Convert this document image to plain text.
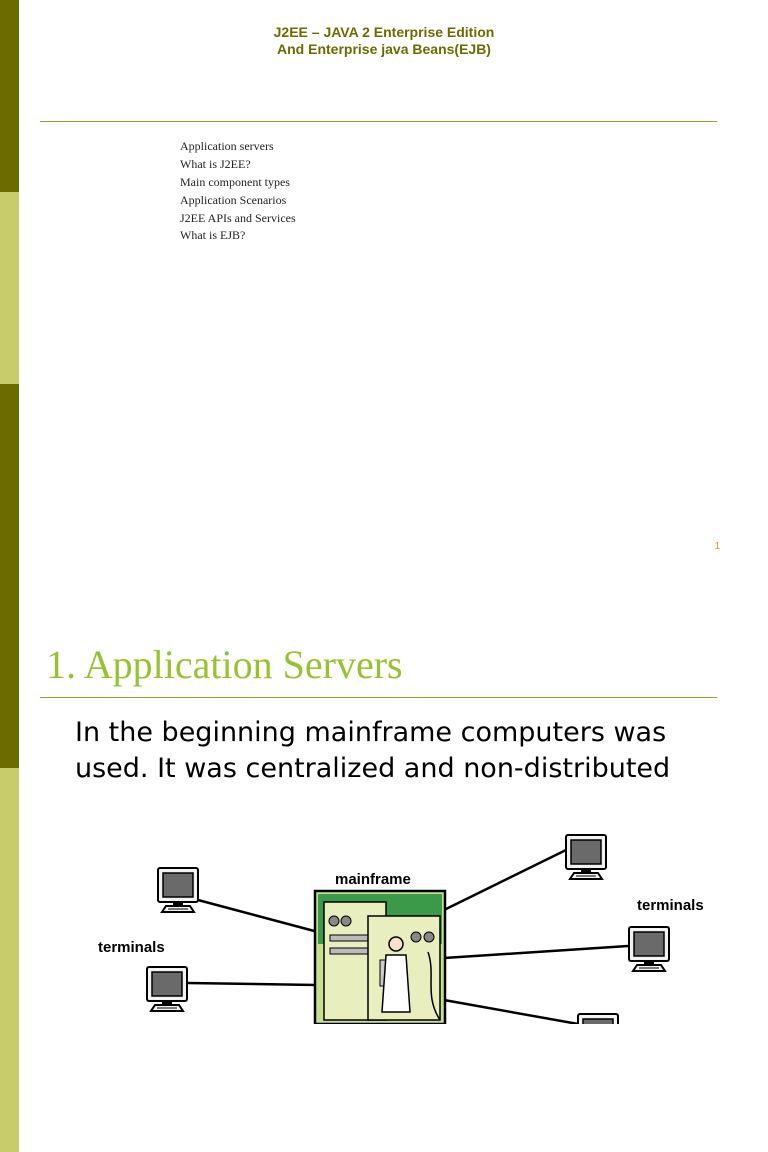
J2EE – JAVA 2 Enterprise Edition
And Enterprise java Beans(EJB)
Application servers
What is J2EE?
Main component types
Application Scenarios
J2EE APIs and Services
What is EJB?
1
1. Application Servers
In the beginning mainframe computers was used. It was centralized and non-distributed
mainframe
terminals
terminals
